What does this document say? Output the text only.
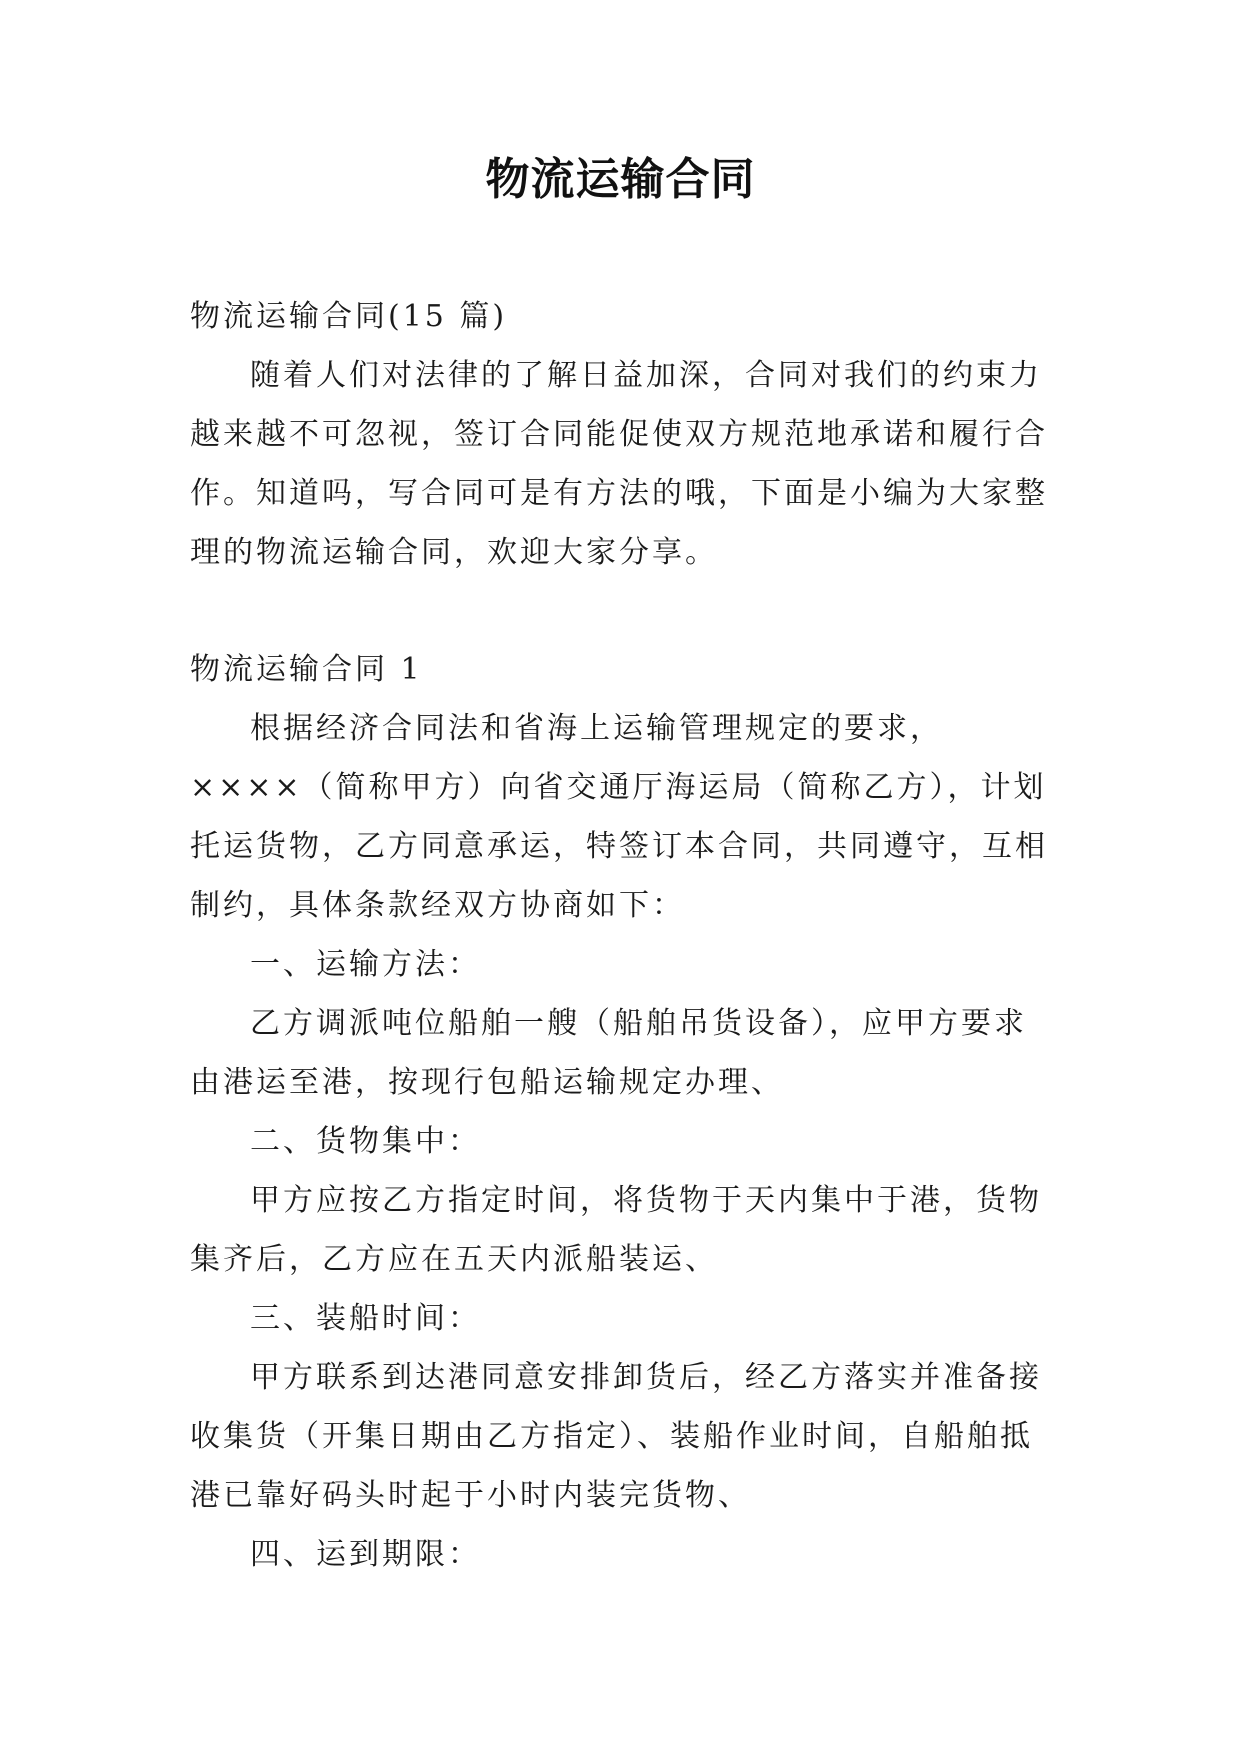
物流运输合同

物流运输合同(15 篇)

随着人们对法律的了解日益加深，合同对我们的约束力越来越不可忽视，签订合同能促使双方规范地承诺和履行合作。知道吗，写合同可是有方法的哦，下面是小编为大家整理的物流运输合同，欢迎大家分享。

物流运输合同 1

根据经济合同法和省海上运输管理规定的要求，××××（简称甲方）向省交通厅海运局（简称乙方），计划托运货物，乙方同意承运，特签订本合同，共同遵守，互相制约，具体条款经双方协商如下：

一、运输方法：

乙方调派吨位船舶一艘（船舶吊货设备），应甲方要求由港运至港，按现行包船运输规定办理、

二、货物集中：

甲方应按乙方指定时间，将货物于天内集中于港，货物集齐后，乙方应在五天内派船装运、

三、装船时间：

甲方联系到达港同意安排卸货后，经乙方落实并准备接收集货（开集日期由乙方指定）、装船作业时间，自船舶抵港已靠好码头时起于小时内装完货物、

四、运到期限：
